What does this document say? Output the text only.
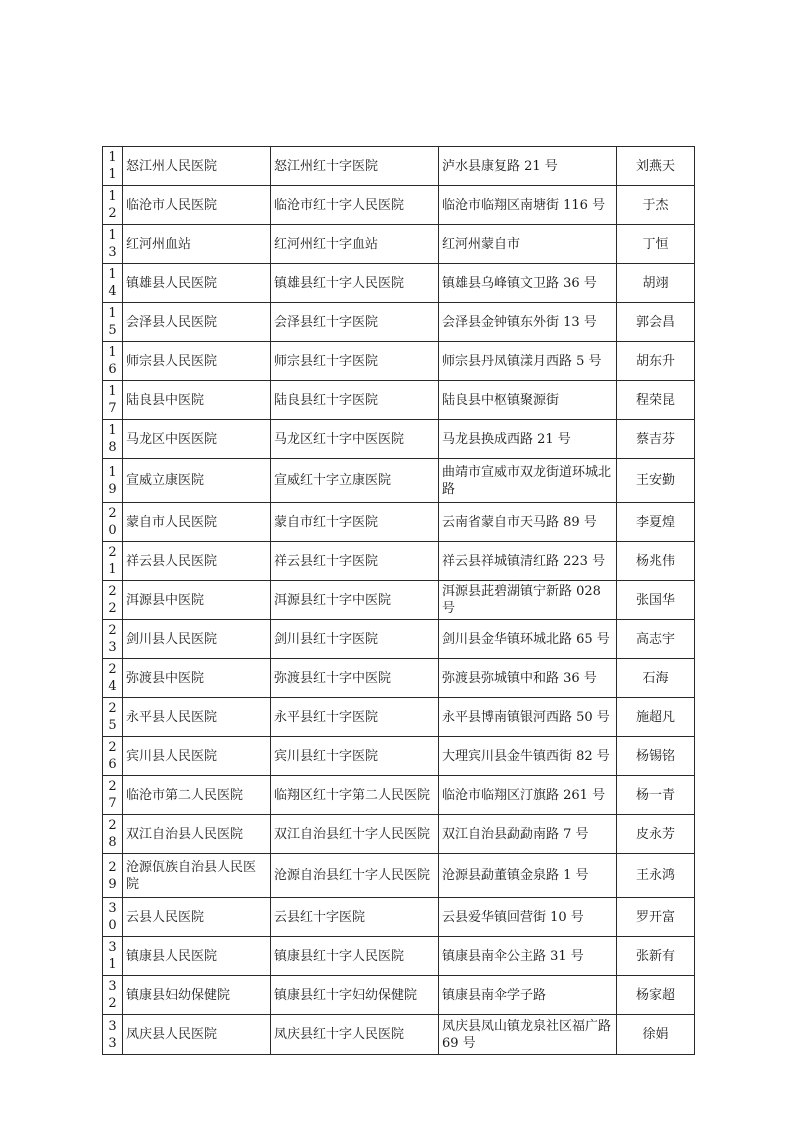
11	怒江州人民医院	怒江州红十字医院	泸水县康复路 21 号	刘燕天
12	临沧市人民医院	临沧市红十字人民医院	临沧市临翔区南塘街 116 号	于杰
13	红河州血站	红河州红十字血站	红河州蒙自市	丁恒
14	镇雄县人民医院	镇雄县红十字人民医院	镇雄县乌峰镇文卫路 36 号	胡翊
15	会泽县人民医院	会泽县红十字医院	会泽县金钟镇东外街 13 号	郭会昌
16	师宗县人民医院	师宗县红十字医院	师宗县丹凤镇漾月西路 5 号	胡东升
17	陆良县中医院	陆良县红十字医院	陆良县中枢镇聚源街	程荣昆
18	马龙区中医医院	马龙区红十字中医医院	马龙县换成西路 21 号	蔡吉芬
19	宣威立康医院	宣威红十字立康医院	曲靖市宣威市双龙街道环城北路	王安勤
20	蒙自市人民医院	蒙自市红十字医院	云南省蒙自市天马路 89 号	李夏煌
21	祥云县人民医院	祥云县红十字医院	祥云县祥城镇清红路 223 号	杨兆伟
22	洱源县中医院	洱源县红十字中医院	洱源县茈碧湖镇宁新路 028 号	张国华
23	剑川县人民医院	剑川县红十字医院	剑川县金华镇环城北路 65 号	高志宇
24	弥渡县中医院	弥渡县红十字中医院	弥渡县弥城镇中和路 36 号	石海
25	永平县人民医院	永平县红十字医院	永平县博南镇银河西路 50 号	施超凡
26	宾川县人民医院	宾川县红十字医院	大理宾川县金牛镇西街 82 号	杨锡铭
27	临沧市第二人民医院	临翔区红十字第二人民医院	临沧市临翔区汀旗路 261 号	杨一青
28	双江自治县人民医院	双江自治县红十字人民医院	双江自治县勐勐南路 7 号	皮永芳
29	沧源佤族自治县人民医院	沧源自治县红十字人民医院	沧源县勐董镇金泉路 1 号	王永鸿
30	云县人民医院	云县红十字医院	云县爱华镇回营街 10 号	罗开富
31	镇康县人民医院	镇康县红十字人民医院	镇康县南伞公主路 31 号	张新有
32	镇康县妇幼保健院	镇康县红十字妇幼保健院	镇康县南伞学子路	杨家超
33	凤庆县人民医院	凤庆县红十字人民医院	凤庆县凤山镇龙泉社区福广路 69 号	徐娟
